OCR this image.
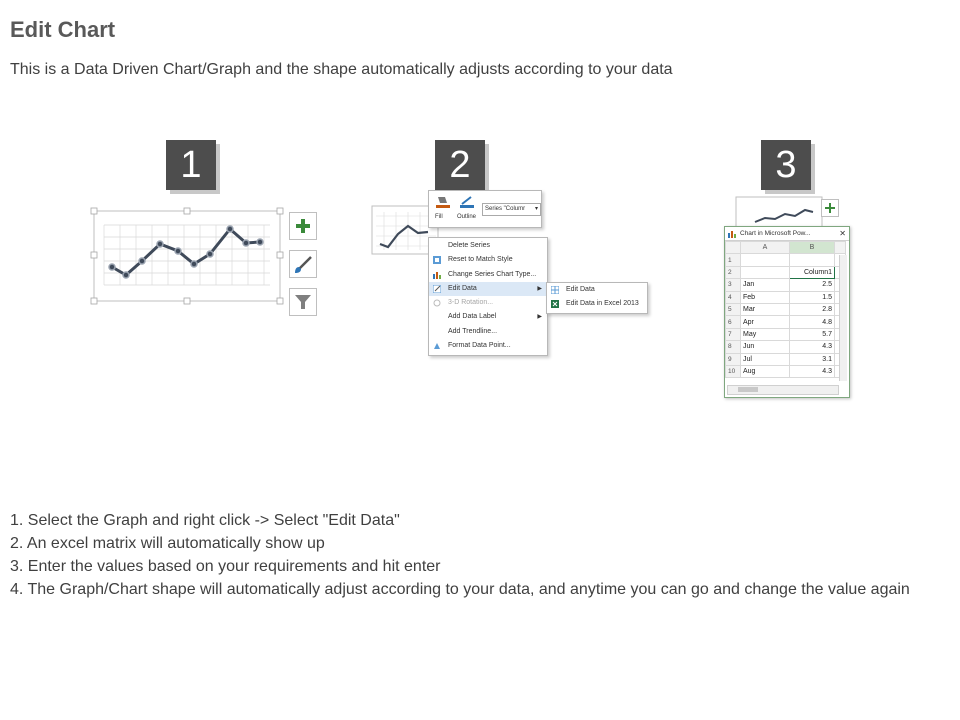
Edit Chart
This is a Data Driven Chart/Graph and the shape automatically adjusts according to your data
1	2	3
Fill Outline
Series "Columr ▾
Delete Series
Reset to Match Style
Change Series Chart Type...
Edit Data	▶
3-D Rotation...
Add Data Label	▶
Add Trendline...
Format Data Point...
Edit Data
Edit Data in Excel 2013
Chart in Microsoft Pow...	✕
	A	B	
1			
2		Column1	
3	Jan	2.5	
4	Feb	1.5	
5	Mar	2.8	
6	Apr	4.8	
7	May	5.7	
8	Jun	4.3	
9	Jul	3.1	
10	Aug	4.3	
1. Select the Graph and right click -> Select "Edit Data"
2. An excel matrix will automatically show up
3. Enter the values based on your requirements and hit enter
4. The Graph/Chart shape will automatically adjust according to your data, and anytime you can go and change the value again
